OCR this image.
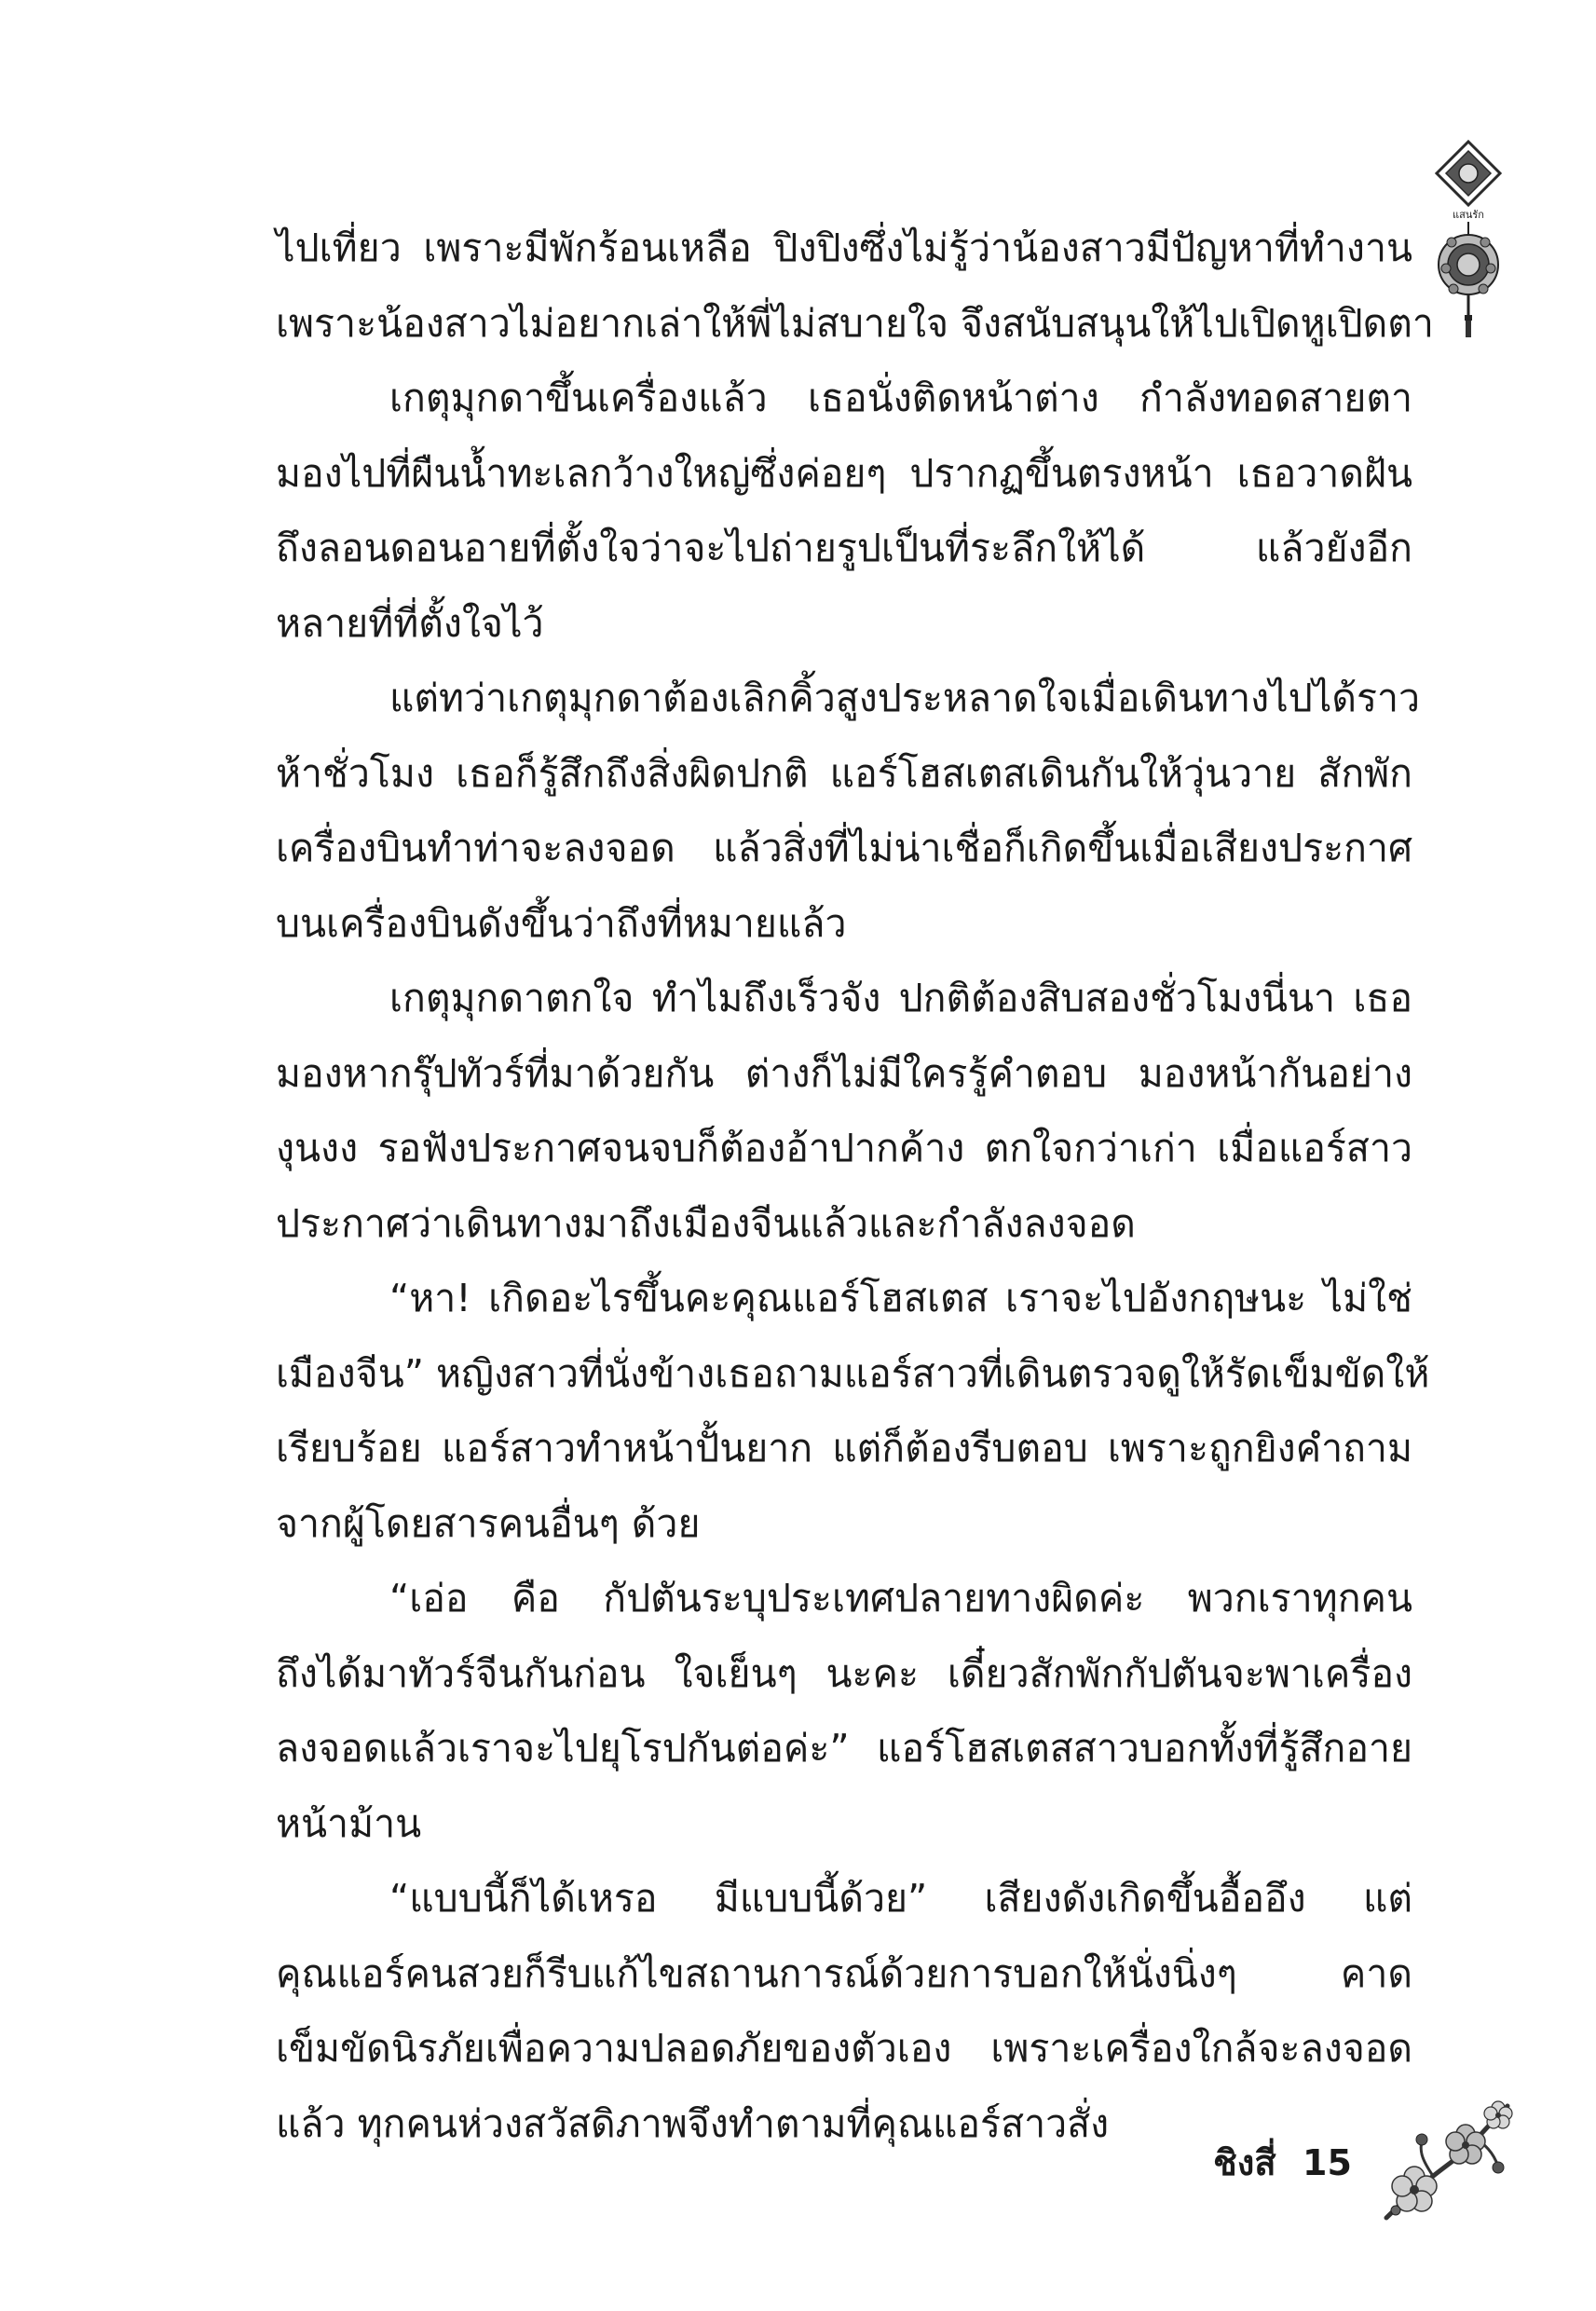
แสนรัก
ไปเที่ยว เพราะมีพักร้อนเหลือ ปิงปิงซึ่งไม่รู้ว่าน้องสาวมีปัญหาที่ทำงาน
เพราะน้องสาวไม่อยากเล่าให้พี่ไม่สบายใจ จึงสนับสนุนให้ไปเปิดหูเปิดตา
เกตุมุกดาขึ้นเครื่องแล้ว เธอนั่งติดหน้าต่าง กำลังทอดสายตา
มองไปที่ผืนน้ำทะเลกว้างใหญ่ซึ่งค่อยๆ ปรากฏขึ้นตรงหน้า เธอวาดฝัน
ถึงลอนดอนอายที่ตั้งใจว่าจะไปถ่ายรูปเป็นที่ระลึกให้ได้ แล้วยังอีก
หลายที่ที่ตั้งใจไว้
แต่ทว่าเกตุมุกดาต้องเลิกคิ้วสูงประหลาดใจเมื่อเดินทางไปได้ราว
ห้าชั่วโมง เธอก็รู้สึกถึงสิ่งผิดปกติ แอร์โฮสเตสเดินกันให้วุ่นวาย สักพัก
เครื่องบินทำท่าจะลงจอด แล้วสิ่งที่ไม่น่าเชื่อก็เกิดขึ้นเมื่อเสียงประกาศ
บนเครื่องบินดังขึ้นว่าถึงที่หมายแล้ว
เกตุมุกดาตกใจ ทำไมถึงเร็วจัง ปกติต้องสิบสองชั่วโมงนี่นา เธอ
มองหากรุ๊ปทัวร์ที่มาด้วยกัน ต่างก็ไม่มีใครรู้คำตอบ มองหน้ากันอย่าง
งุนงง รอฟังประกาศจนจบก็ต้องอ้าปากค้าง ตกใจกว่าเก่า เมื่อแอร์สาว
ประกาศว่าเดินทางมาถึงเมืองจีนแล้วและกำลังลงจอด
“หา! เกิดอะไรขึ้นคะคุณแอร์โฮสเตส เราจะไปอังกฤษนะ ไม่ใช่
เมืองจีน” หญิงสาวที่นั่งข้างเธอถามแอร์สาวที่เดินตรวจดูให้รัดเข็มขัดให้
เรียบร้อย แอร์สาวทำหน้าปั้นยาก แต่ก็ต้องรีบตอบ เพราะถูกยิงคำถาม
จากผู้โดยสารคนอื่นๆ ด้วย
“เอ่อ คือ กัปตันระบุประเทศปลายทางผิดค่ะ พวกเราทุกคน
ถึงได้มาทัวร์จีนกันก่อน ใจเย็นๆ นะคะ เดี๋ยวสักพักกัปตันจะพาเครื่อง
ลงจอดแล้วเราจะไปยุโรปกันต่อค่ะ” แอร์โฮสเตสสาวบอกทั้งที่รู้สึกอาย
หน้าม้าน
“แบบนี้ก็ได้เหรอ มีแบบนี้ด้วย” เสียงดังเกิดขึ้นอื้ออึง แต่
คุณแอร์คนสวยก็รีบแก้ไขสถานการณ์ด้วยการบอกให้นั่งนิ่งๆ คาด
เข็มขัดนิรภัยเพื่อความปลอดภัยของตัวเอง เพราะเครื่องใกล้จะลงจอด
แล้ว ทุกคนห่วงสวัสดิภาพจึงทำตามที่คุณแอร์สาวสั่ง
ชิงสี่ 15
